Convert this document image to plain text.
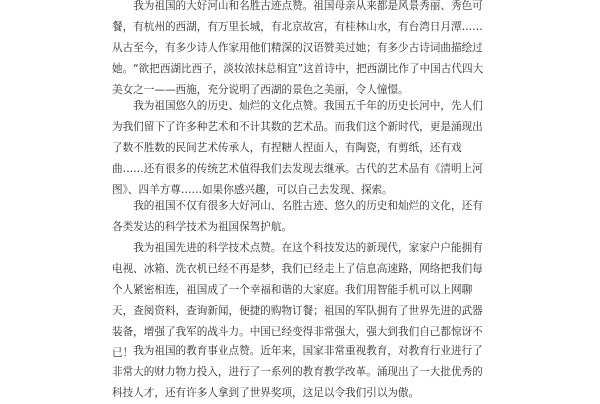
我为祖国的大好河山和名胜古迹点赞。祖国母亲从来都是风景秀丽、秀色可餐，有杭州的西湖，有万里长城，有北京故宫，有桂林山水，有台湾日月潭……从古至今，有多少诗人作家用他们精深的汉语赞美过她；有多少古诗词曲描绘过她。“欲把西湖比西子，淡妆浓抹总相宜”这首诗中，把西湖比作了中国古代四大美女之一——西施，充分说明了西湖的景色之美丽，令人憧憬。

我为祖国悠久的历史、灿烂的文化点赞。我国五千年的历史长河中，先人们为我们留下了许多种艺术和不计其数的艺术品。而我们这个新时代，更是涌现出了数不胜数的民间艺术传承人，有捏糖人捏面人，有陶瓷，有剪纸，还有戏曲……还有很多的传统艺术值得我们去发现去继承。古代的艺术品有《清明上河图》、四羊方尊……如果你感兴趣，可以自己去发现、探索。

我的祖国不仅有很多大好河山、名胜古迹、悠久的历史和灿烂的文化，还有各类发达的科学技术为祖国保驾护航。

我为祖国先进的科学技术点赞。在这个科技发达的新现代，家家户户能拥有电视、冰箱、洗衣机已经不再是梦，我们已经走上了信息高速路，网络把我们每个人紧密相连，祖国成了一个幸福和谐的大家庭。我们用智能手机可以上网聊天，查阅资料，查询新闻，便捷的购物订餐；祖国的军队拥有了世界先进的武器装备，增强了我军的战斗力。中国已经变得非常强大，强大到我们自己都惊讶不已！ 我为祖国的教育事业点赞。近年来，国家非常重视教育，对教育行业进行了非常大的财力物力投入，进行了一系列的教育教学改革。涌现出了一大批优秀的科技人才，还有许多人拿到了世界奖项，这足以令我们引以为傲。
